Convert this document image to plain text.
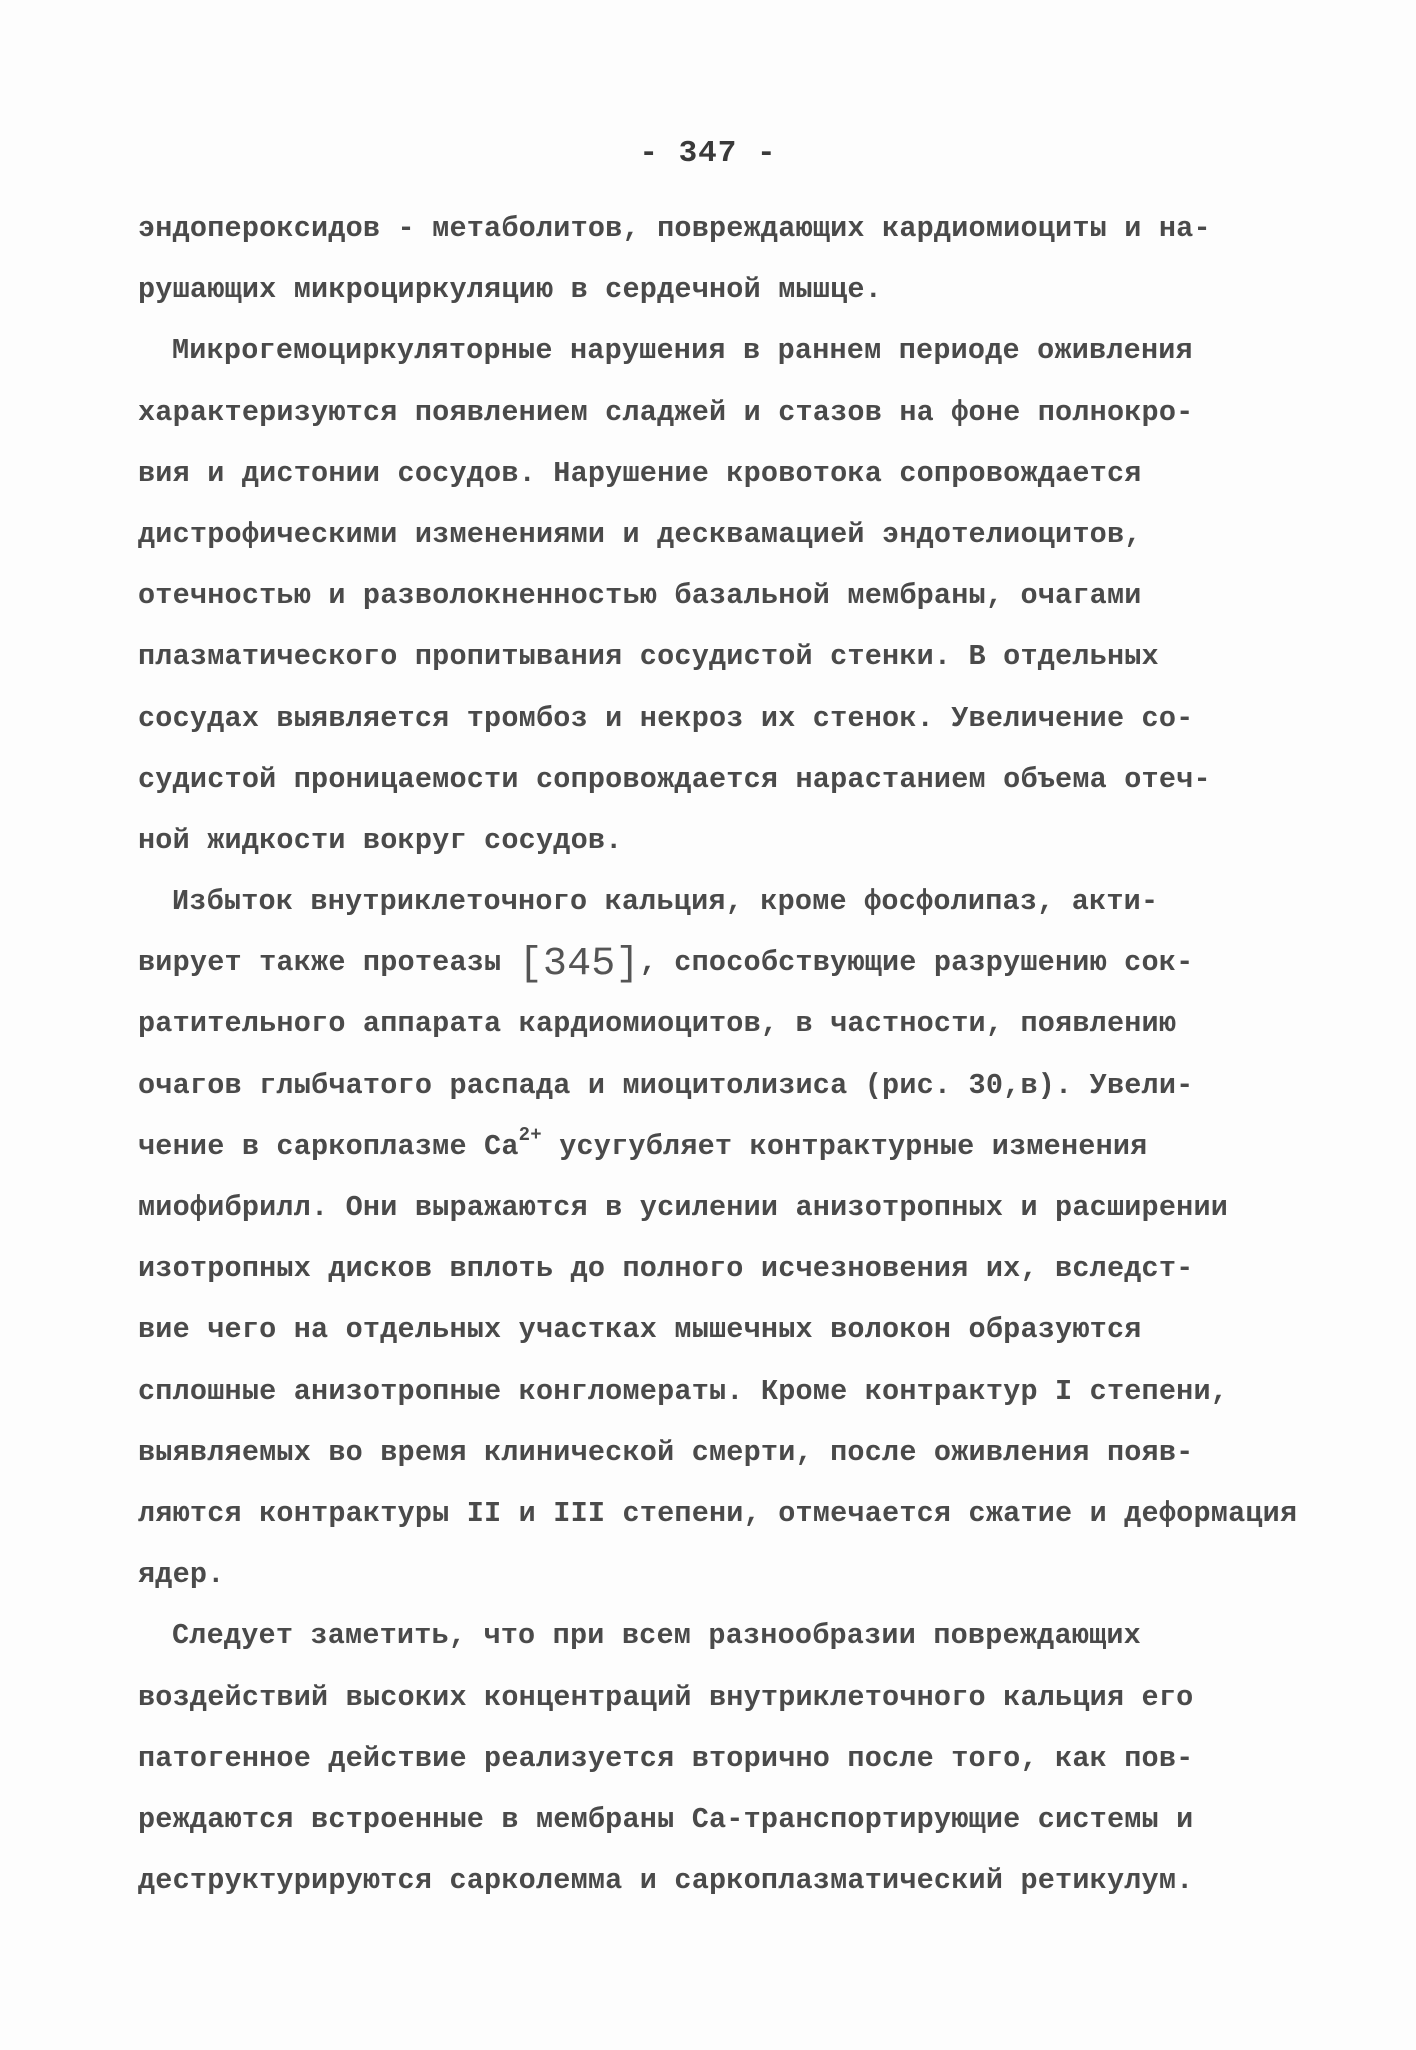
- 347 -
эндопероксидов - метаболитов, повреждающих кардиомиоциты и на-
рушающих микроциркуляцию в сердечной мышце.
Микрогемоциркуляторные нарушения в раннем периоде оживления
характеризуются появлением сладжей и стазов на фоне полнокро-
вия и дистонии сосудов. Нарушение кровотока сопровождается
дистрофическими изменениями и десквамацией эндотелиоцитов,
отечностью и разволокненностью базальной мембраны, очагами
плазматического пропитывания сосудистой стенки. В отдельных
сосудах выявляется тромбоз и некроз их стенок. Увеличение со-
судистой проницаемости сопровождается нарастанием объема отеч-
ной жидкости вокруг сосудов.
Избыток внутриклеточного кальция, кроме фосфолипаз, акти-
вирует также протеазы [345], способствующие разрушению сок-
ратительного аппарата кардиомиоцитов, в частности, появлению
очагов глыбчатого распада и миоцитолизиса (рис. 30,в). Увели-
чение в саркоплазме $Ca^{2+}$ усугубляет контрактурные изменения
миофибрилл. Они выражаются в усилении анизотропных и расширении
изотропных дисков вплоть до полного исчезновения их, вследст-
вие чего на отдельных участках мышечных волокон образуются
сплошные анизотропные конгломераты. Кроме контрактур I степени,
выявляемых во время клинической смерти, после оживления появ-
ляются контрактуры II и III степени, отмечается сжатие и деформация
ядер.
Следует заметить, что при всем разнообразии повреждающих
воздействий высоких концентраций внутриклеточного кальция его
патогенное действие реализуется вторично после того, как пов-
реждаются встроенные в мембраны Ca-транспортирующие системы и
деструктурируются сарколемма и саркоплазматический ретикулум.
